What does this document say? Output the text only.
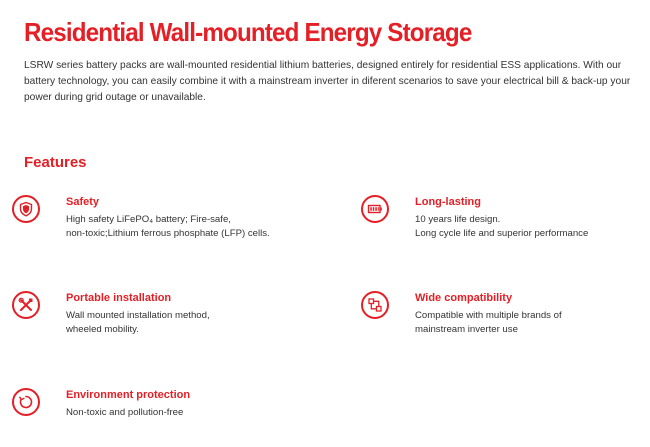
Residential Wall-mounted Energy Storage

LSRW series battery packs are wall-mounted residential lithium batteries, designed entirely for residential ESS applications. With our battery technology, you can easily combine it with a mainstream inverter in diferent scenarios to save your electrical bill & back-up your power during grid outage or unavailable.

Features
Safety
High safety LiFePO₄ battery; Fire-safe,
non-toxic;Lithium ferrous phosphate (LFP) cells.
Long-lasting
10 years life design.
Long cycle life and superior performance
Portable installation
Wall mounted installation method,
wheeled mobility.
Wide compatibility
Compatible with multiple brands of
mainstream inverter use
Environment protection
Non-toxic and pollution-free
